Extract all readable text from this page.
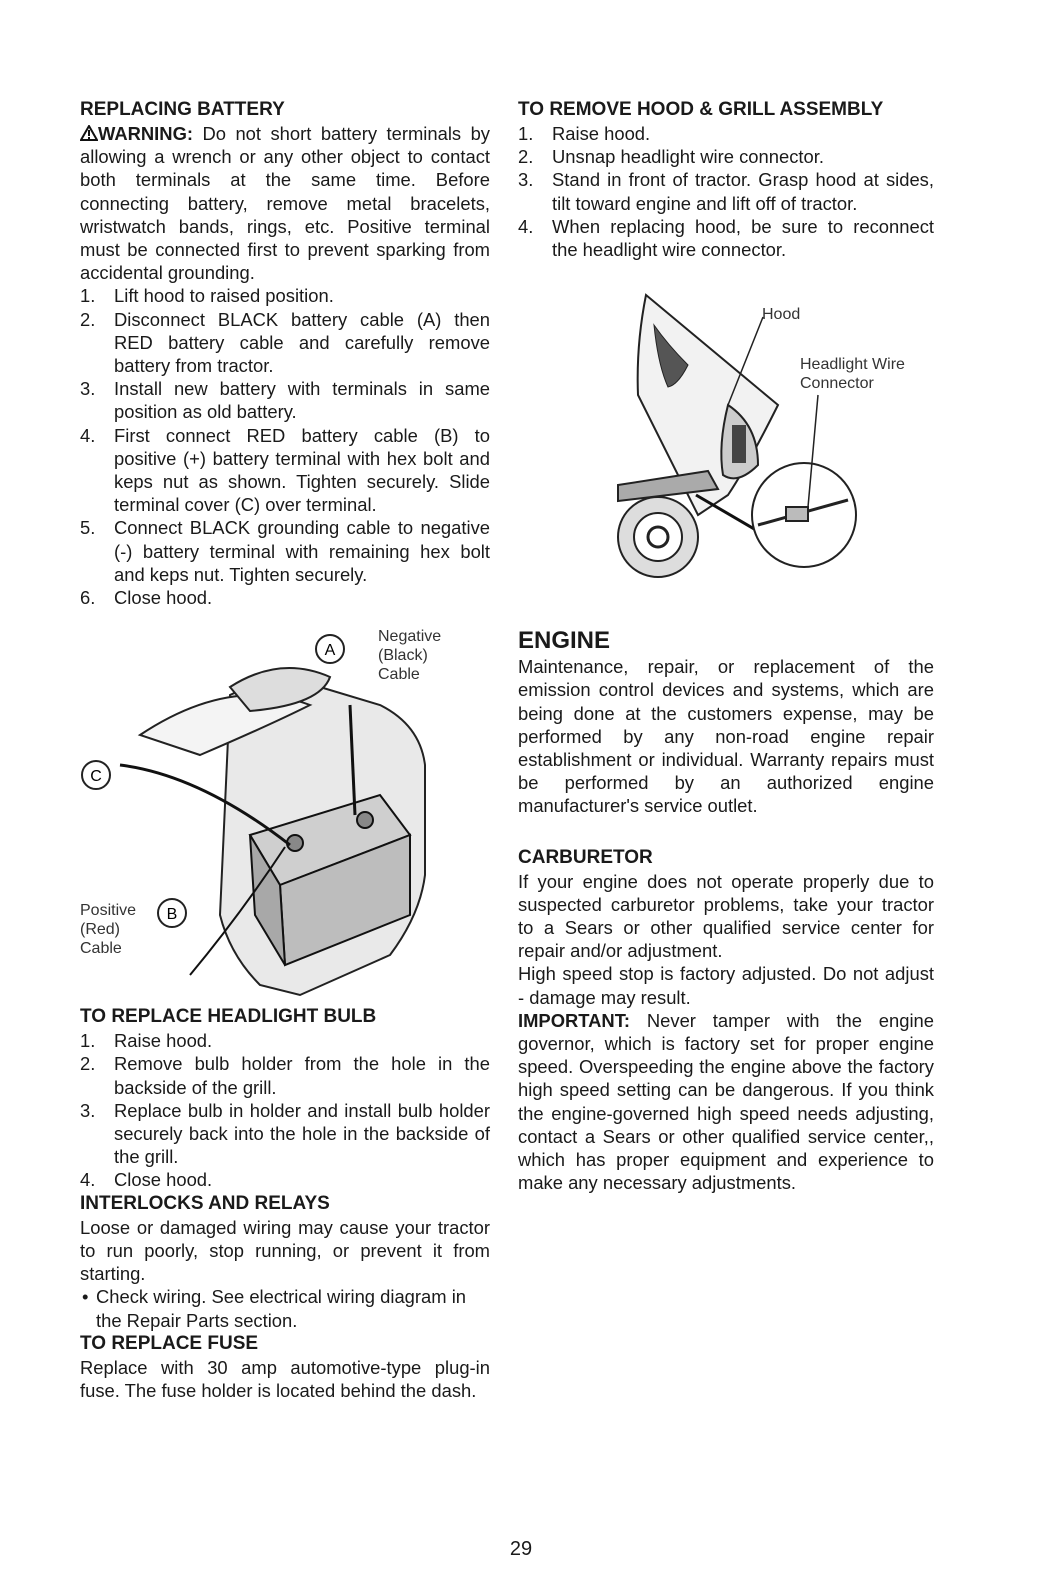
REPLACING BATTERY

WARNING: Do not short battery terminals by allowing a wrench or any other object to contact both terminals at the same time. Before connecting battery, remove metal bracelets, wristwatch bands, rings, etc. Positive terminal must be connected first to prevent sparking from accidental grounding.

1. Lift hood to raised position.
2. Disconnect BLACK battery cable (A) then RED battery cable and carefully remove battery from tractor.
3. Install new battery with terminals in same position as old battery.
4. First connect RED battery cable (B) to positive (+) battery terminal with hex bolt and keps nut as shown. Tighten securely. Slide terminal cover (C) over terminal.
5. Connect BLACK grounding cable to negative (-) battery terminal with remaining hex bolt and keps nut. Tighten securely.
6. Close hood.
A
C
B
Negative
(Black)
Cable
Positive
(Red)
Cable
TO REPLACE HEADLIGHT BULB
1. Raise hood.
2. Remove bulb holder from the hole in the backside of the grill.
3. Replace bulb in holder and install bulb holder securely back into the hole in the backside of the grill.
4. Close hood.
INTERLOCKS AND RELAYS

Loose or damaged wiring may cause your tractor to run poorly, stop running, or prevent it from starting.

• Check wiring. See electrical wiring diagram in the Repair Parts section.
TO REPLACE FUSE

Replace with 30 amp automotive-type plug-in fuse. The fuse holder is located behind the dash.

TO REMOVE HOOD & GRILL ASSEMBLY
1. Raise hood.
2. Unsnap headlight wire connector.
3. Stand in front of tractor. Grasp hood at sides, tilt toward engine and lift off of tractor.
4. When replacing hood, be sure to reconnect the headlight wire connector.
Hood
Headlight Wire
Connector
ENGINE

Maintenance, repair, or replacement of the emission control devices and systems, which are being done at the customers expense, may be performed by any non-road engine repair establishment or individual. Warranty repairs must be performed by an authorized engine manufacturer's service outlet.

CARBURETOR

If your engine does not operate properly due to suspected carburetor problems, take your tractor to a Sears or other qualified service center for repair and/or adjustment.

High speed stop is factory adjusted. Do not adjust - damage may result.

IMPORTANT: Never tamper with the engine governor, which is factory set for proper engine speed. Overspeeding the engine above the factory high speed setting can be dangerous. If you think the engine-governed high speed needs adjusting, contact a Sears or other qualified service center,, which has proper equipment and experience to make any necessary adjustments.

29
